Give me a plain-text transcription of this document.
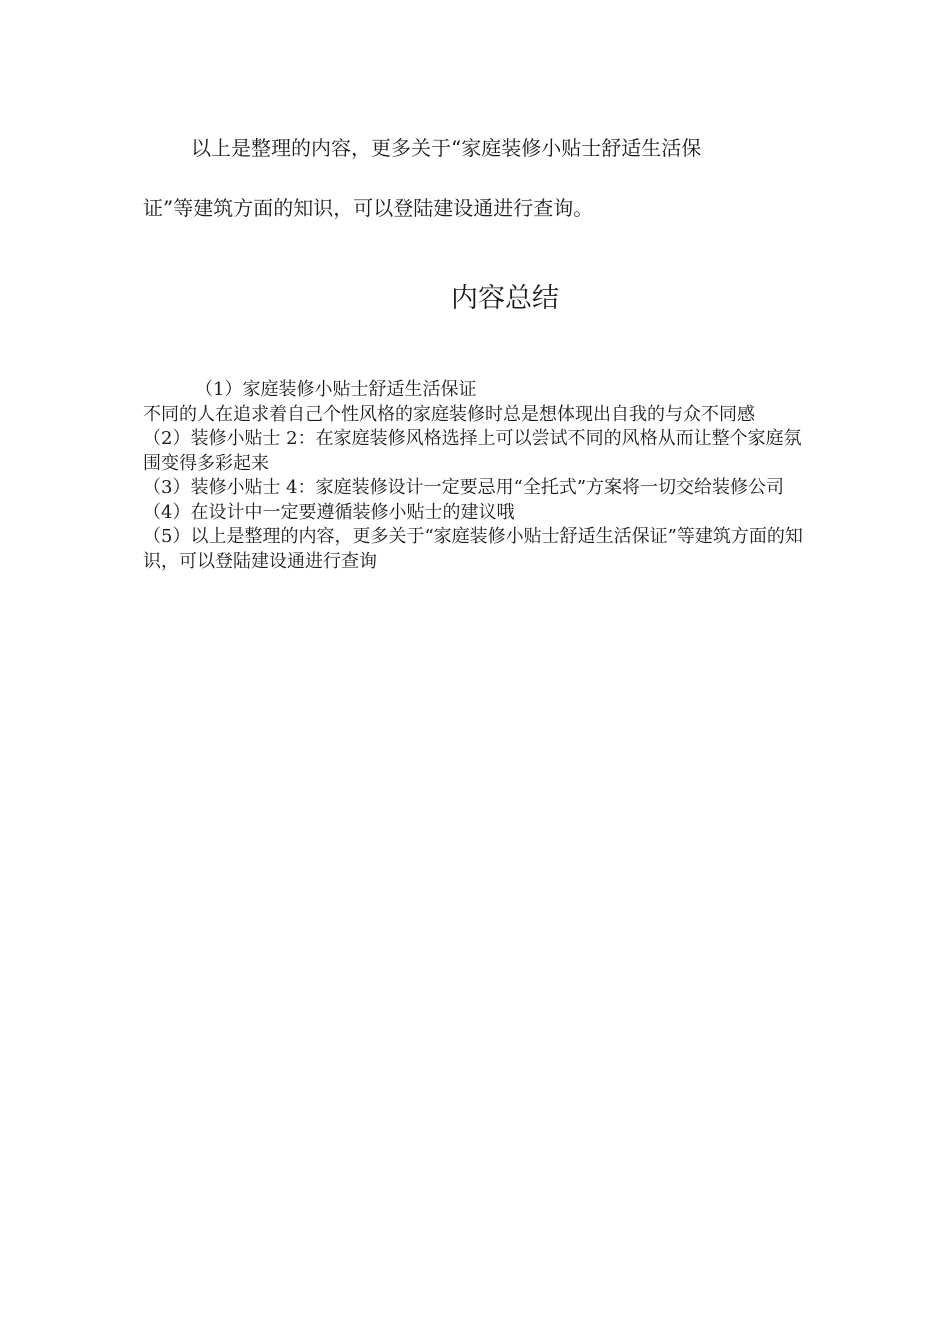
以上是整理的内容，更多关于“家庭装修小贴士舒适生活保
证”等建筑方面的知识，可以登陆建设通进行查询。

内容总结

（1）家庭装修小贴士舒适生活保证

不同的人在追求着自己个性风格的家庭装修时总是想体现出自我的与众不同感

（2）装修小贴士 2：在家庭装修风格选择上可以尝试不同的风格从而让整个家庭氛围变得多彩起来

（3）装修小贴士 4：家庭装修设计一定要忌用“全托式”方案将一切交给装修公司

（4）在设计中一定要遵循装修小贴士的建议哦

（5）以上是整理的内容，更多关于“家庭装修小贴士舒适生活保证”等建筑方面的知识，可以登陆建设通进行查询
